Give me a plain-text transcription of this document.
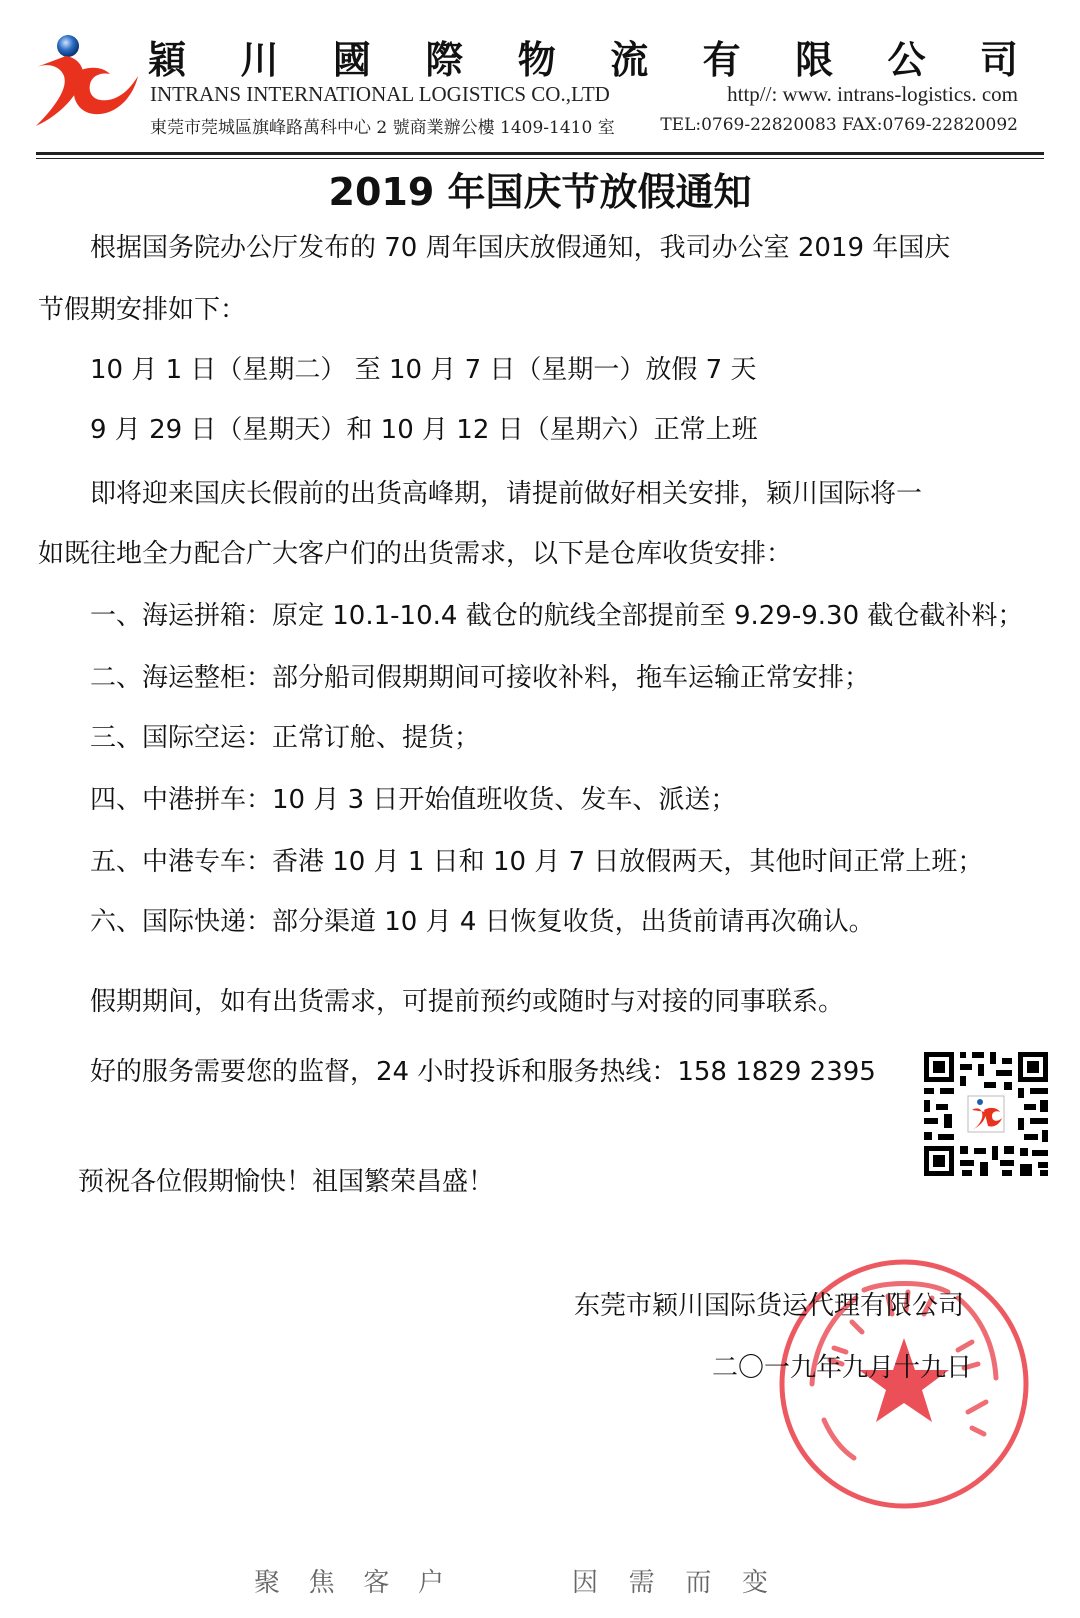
穎 川 國 際 物 流 有 限 公 司
INTRANS INTERNATIONAL LOGISTICS CO.,LTD	http//: www. intrans-logistics. com
東莞市莞城區旗峰路萬科中心 2 號商業辦公樓 1409-1410 室	TEL:0769-22820083 FAX:0769-22820092
2019 年国庆节放假通知
根据国务院办公厅发布的 70 周年国庆放假通知，我司办公室 2019 年国庆
节假期安排如下：
10 月 1 日（星期二） 至 10 月 7 日（星期一）放假 7 天
9 月 29 日（星期天）和 10 月 12 日（星期六）正常上班
即将迎来国庆长假前的出货高峰期，请提前做好相关安排，颖川国际将一
如既往地全力配合广大客户们的出货需求，以下是仓库收货安排：
一、海运拼箱：原定 10.1-10.4 截仓的航线全部提前至 9.29-9.30 截仓截补料；
二、海运整柜：部分船司假期期间可接收补料，拖车运输正常安排；
三、国际空运：正常订舱、提货；
四、中港拼车：10 月 3 日开始值班收货、发车、派送；
五、中港专车：香港 10 月 1 日和 10 月 7 日放假两天，其他时间正常上班；
六、国际快递：部分渠道 10 月 4 日恢复收货，出货前请再次确认。
假期期间，如有出货需求，可提前预约或随时与对接的同事联系。
好的服务需要您的监督，24 小时投诉和服务热线：158 1829 2395
预祝各位假期愉快！祖国繁荣昌盛！
东莞市颖川国际货运代理有限公司
二〇一九年九月十九日
聚 焦 客 户	因 需 而 变
